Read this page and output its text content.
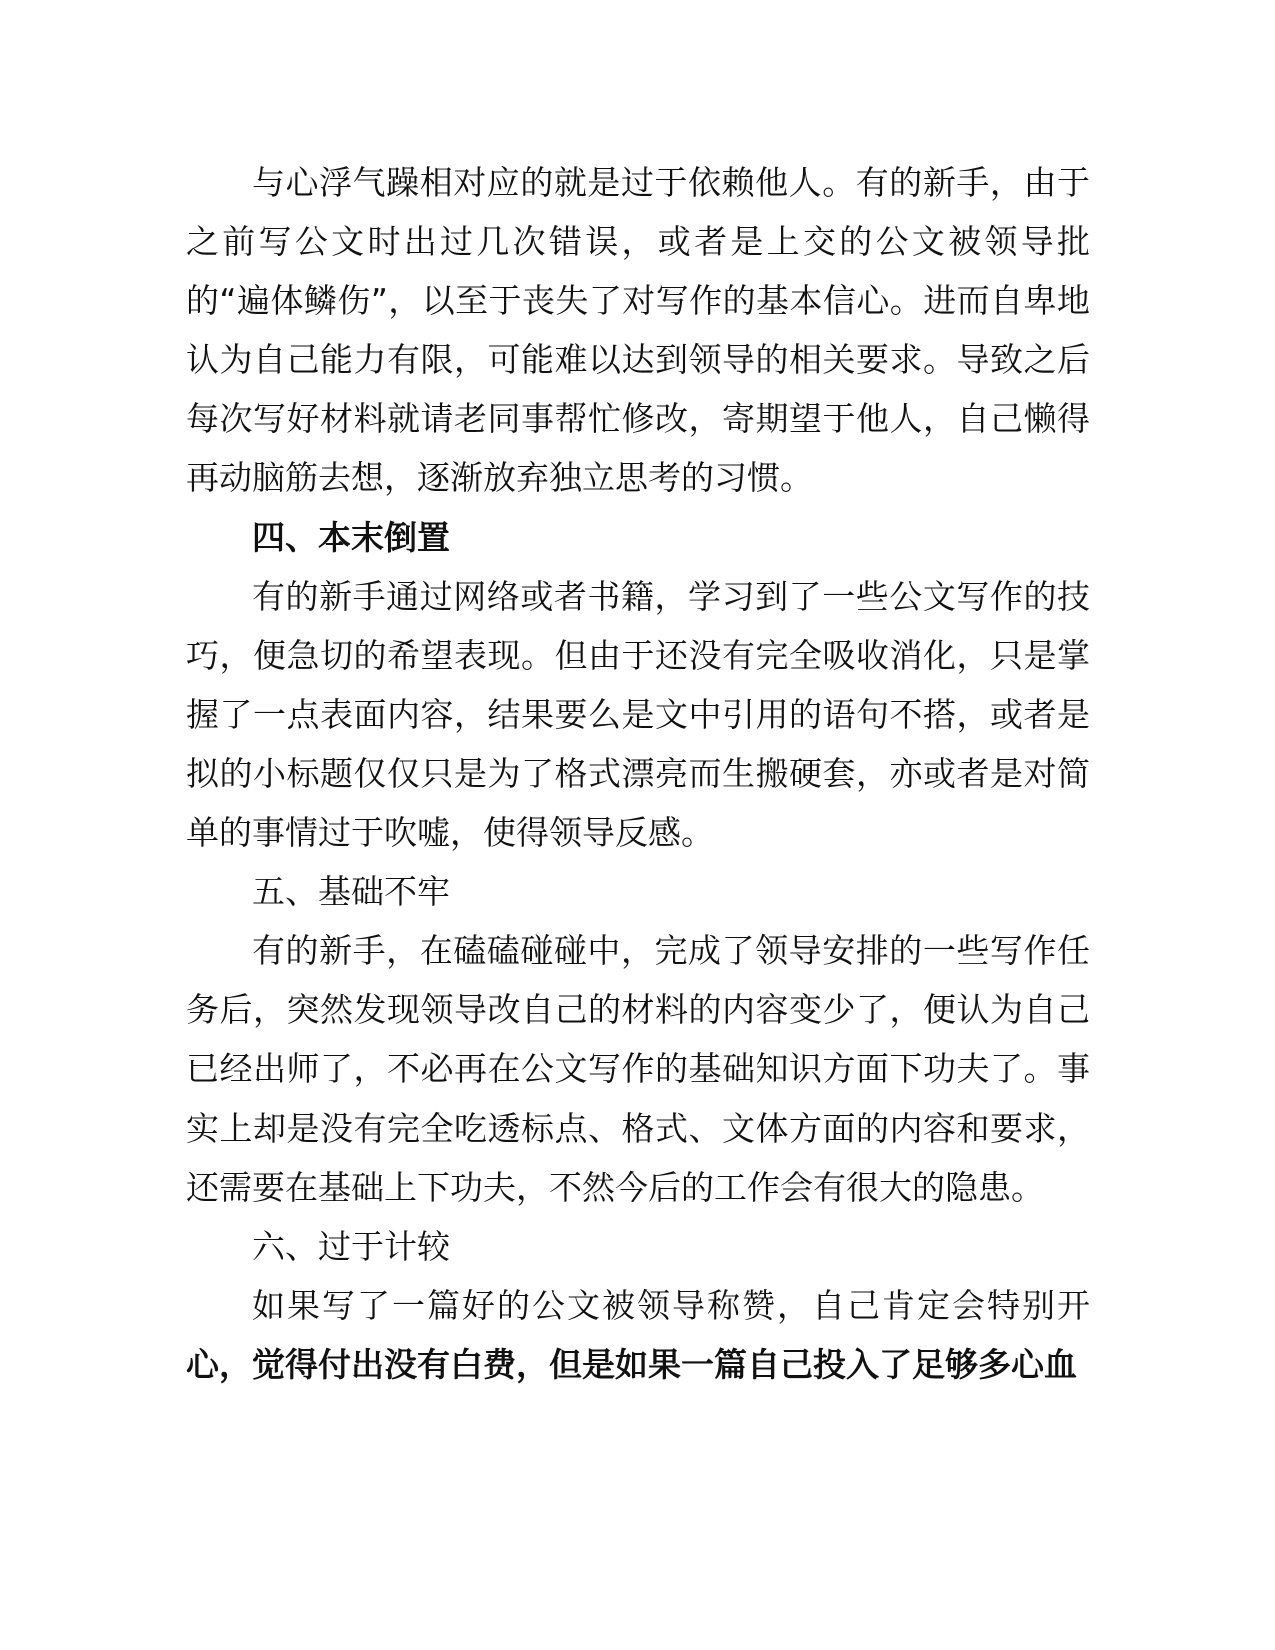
与心浮气躁相对应的就是过于依赖他人。有的新手，由于之前写公文时出过几次错误，或者是上交的公文被领导批的“遍体鳞伤”，以至于丧失了对写作的基本信心。进而自卑地认为自己能力有限，可能难以达到领导的相关要求。导致之后每次写好材料就请老同事帮忙修改，寄期望于他人，自己懒得再动脑筋去想，逐渐放弃独立思考的习惯。

四、本末倒置

有的新手通过网络或者书籍，学习到了一些公文写作的技巧，便急切的希望表现。但由于还没有完全吸收消化，只是掌握了一点表面内容，结果要么是文中引用的语句不搭，或者是拟的小标题仅仅只是为了格式漂亮而生搬硬套，亦或者是对简单的事情过于吹嘘，使得领导反感。

五、基础不牢

有的新手，在磕磕碰碰中，完成了领导安排的一些写作任务后，突然发现领导改自己的材料的内容变少了，便认为自己已经出师了，不必再在公文写作的基础知识方面下功夫了。事实上却是没有完全吃透标点、格式、文体方面的内容和要求，还需要在基础上下功夫，不然今后的工作会有很大的隐患。

六、过于计较

如果写了一篇好的公文被领导称赞，自己肯定会特别开心，觉得付出没有白费，但是如果一篇自己投入了足够多心血
